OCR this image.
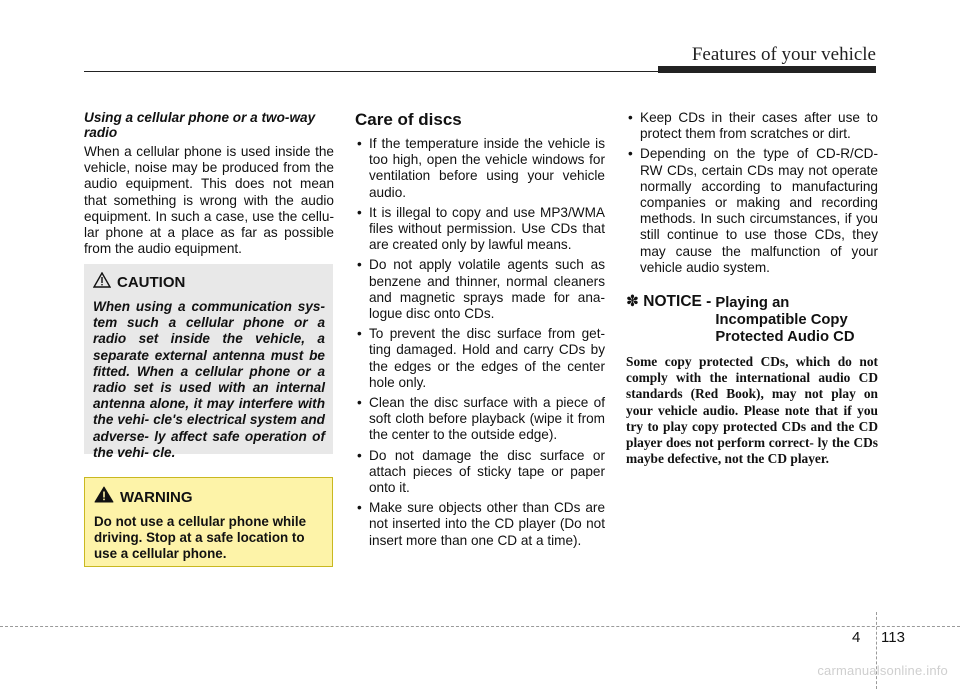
Features of your vehicle

Using a cellular phone or a two-way radio

When a cellular phone is used inside the vehicle, noise may be produced from the audio equipment. This does not mean that something is wrong with the audio equipment. In such a case, use the cellu- lar phone at a place as far as possible from the audio equipment.

CAUTION

When using a communication sys- tem such a cellular phone or a radio set inside the vehicle, a separate external antenna must be fitted. When a cellular phone or a radio set is used with an internal antenna alone, it may interfere with the vehi- cle's electrical system and adverse- ly affect safe operation of the vehi- cle.

WARNING

Do not use a cellular phone while driving. Stop at a safe location to use a cellular phone.

Care of discs

• If the temperature inside the vehicle is too high, open the vehicle windows for ventilation before using your vehicle audio.
• It is illegal to copy and use MP3/WMA files without permission. Use CDs that are created only by lawful means.
• Do not apply volatile agents such as benzene and thinner, normal cleaners and magnetic sprays made for ana- logue disc onto CDs.
• To prevent the disc surface from get- ting damaged. Hold and carry CDs by the edges or the edges of the center hole only.
• Clean the disc surface with a piece of soft cloth before playback (wipe it from the center to the outside edge).
• Do not damage the disc surface or attach pieces of sticky tape or paper onto it.
• Make sure objects other than CDs are not inserted into the CD player (Do not insert more than one CD at a time).
• Keep CDs in their cases after use to protect them from scratches or dirt.
• Depending on the type of CD-R/CD- RW CDs, certain CDs may not operate normally according to manufacturing companies or making and recording methods. In such circumstances, if you still continue to use those CDs, they may cause the malfunction of your vehicle audio system.
✽ NOTICE - Playing an
Incompatible Copy
Protected Audio CD

Some copy protected CDs, which do not comply with the international audio CD standards (Red Book), may not play on your vehicle audio. Please note that if you try to play copy protected CDs and the CD player does not perform correct- ly the CDs maybe defective, not the CD player.

4 113
carmanualsonline.info
